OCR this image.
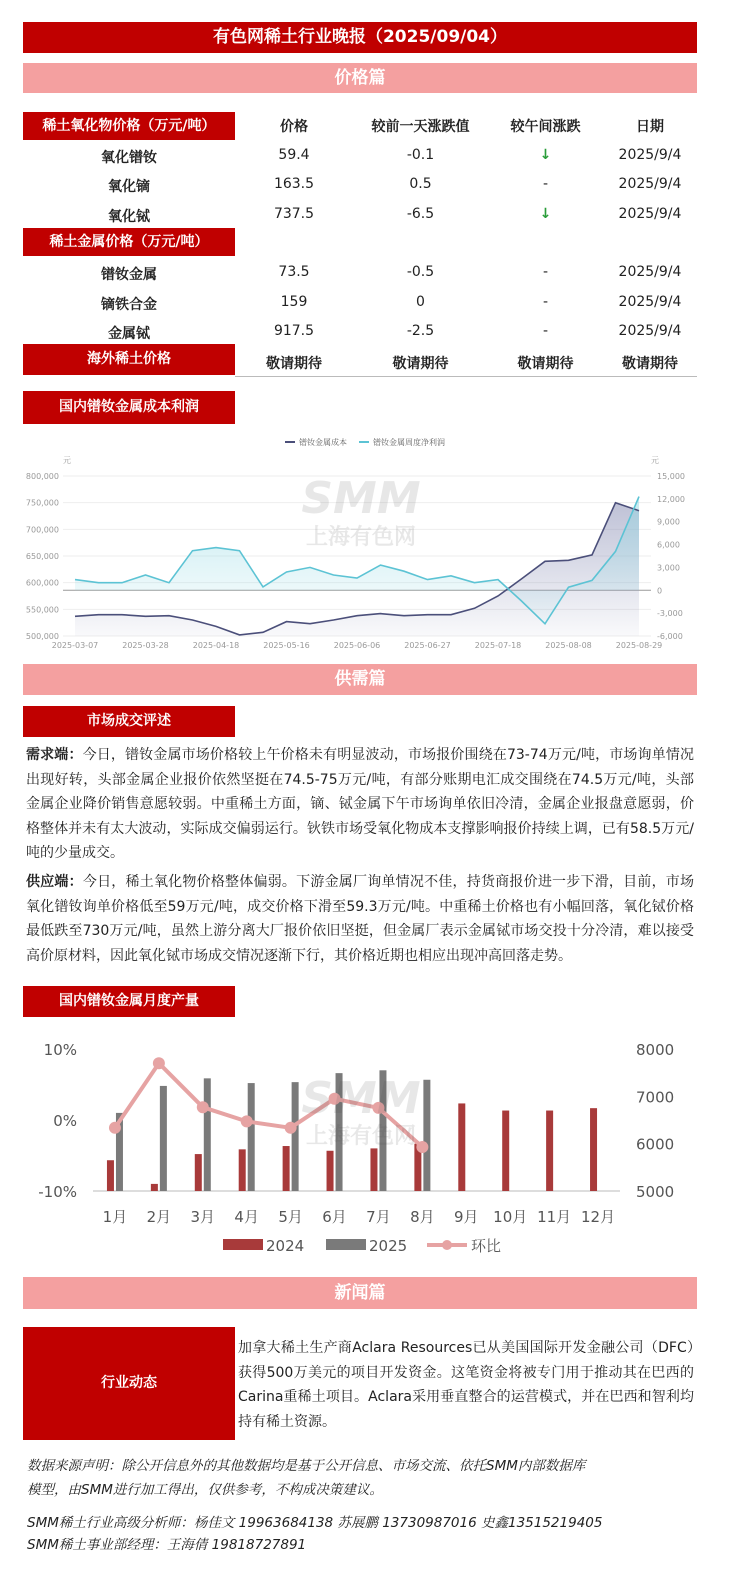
有色网稀土行业晚报（2025/09/04）
价格篇
稀土氧化物价格（万元/吨）	价格	较前一天涨跌值	较午间涨跌	日期
氧化镨钕	59.4	-0.1	↓	2025/9/4
氧化镝	163.5	0.5	-	2025/9/4
氧化铽	737.5	-6.5	↓	2025/9/4
稀土金属价格（万元/吨）
镨钕金属	73.5	-0.5	-	2025/9/4
镝铁合金	159	0	-	2025/9/4
金属铽	917.5	-2.5	-	2025/9/4
海外稀土价格	敬请期待	敬请期待	敬请期待	敬请期待
国内镨钕金属成本利润
800,000
750,000
700,000
650,000
600,000
550,000
500,000
15,000
12,000
9,000
6,000
3,000
0
-3,000
-6,000
2025-03-07	2025-03-28	2025-04-18	2025-05-16	2025-06-06	2025-06-27	2025-07-18	2025-08-08	2025-08-29
镨钕金属成本	镨钕金属周度净利润
元	元
SMM
上海有色网
供需篇
市场成交评述
需求端：今日，镨钕金属市场价格较上午价格未有明显波动，市场报价围绕在73-74万元/吨，市场询单情况出现好转，头部金属企业报价依然坚挺在74.5-75万元/吨，有部分账期电汇成交围绕在74.5万元/吨，头部金属企业降价销售意愿较弱。中重稀土方面，镝、铽金属下午市场询单依旧冷清，金属企业报盘意愿弱，价格整体并未有太大波动，实际成交偏弱运行。钬铁市场受氧化物成本支撑影响报价持续上调，已有58.5万元/吨的少量成交。
供应端：今日，稀土氧化物价格整体偏弱。下游金属厂询单情况不佳，持货商报价进一步下滑，目前，市场氧化镨钕询单价格低至59万元/吨，成交价格下滑至59.3万元/吨。中重稀土价格也有小幅回落，氧化铽价格最低跌至730万元/吨，虽然上游分离大厂报价依旧坚挺，但金属厂表示金属铽市场交投十分冷清，难以接受高价原材料，因此氧化铽市场成交情况逐渐下行，其价格近期也相应出现冲高回落走势。
国内镨钕金属月度产量
10%
0%
-10%
8000
7000
6000
5000
1月 2月 3月 4月 5月 6月 7月 8月 9月 10月 11月 12月
2024	2025	环比
SMM
上海有色网
新闻篇
行业动态
加拿大稀土生产商Aclara Resources已从美国国际开发金融公司（DFC）获得500万美元的项目开发资金。这笔资金将被专门用于推动其在巴西的Carina重稀土项目。Aclara采用垂直整合的运营模式，并在巴西和智利均持有稀土资源。
数据来源声明：除公开信息外的其他数据均是基于公开信息、市场交流、依托SMM内部数据库
模型，由SMM进行加工得出，仅供参考，不构成决策建议。
SMM稀土行业高级分析师：杨佳文 19963684138 苏展鹏 13730987016 史鑫13515219405
SMM稀土事业部经理：王海倩 19818727891
